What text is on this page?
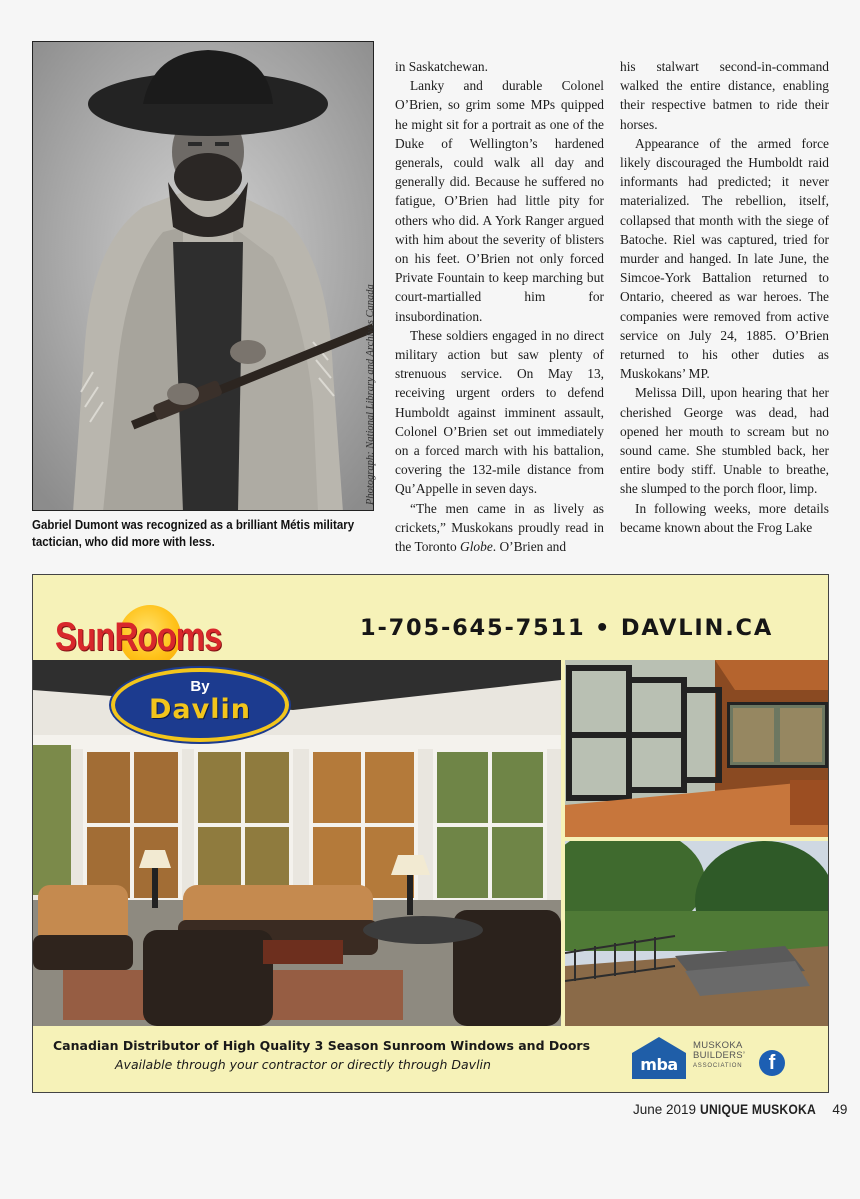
Photograph: National Library and Archives Canada
Gabriel Dumont was recognized as a brilliant Métis military tactician, who did more with less.

in Saskatchewan.

Lanky and durable Colonel O’Brien, so grim some MPs quipped he might sit for a portrait as one of the Duke of Wellington’s hardened generals, could walk all day and generally did. Because he suffered no fatigue, O’Brien had little pity for others who did. A York Ranger argued with him about the severity of blisters on his feet. O’Brien not only forced Private Fountain to keep marching but court-martialled him for insubordination.

These soldiers engaged in no direct military action but saw plenty of strenuous service. On May 13, receiving urgent orders to defend Humboldt against imminent assault, Colonel O’Brien set out immediately on a forced march with his battalion, covering the 132-mile distance from Qu’Appelle in seven days.

“The men came in as lively as crickets,” Muskokans proudly read in the Toronto Globe. O’Brien and

his stalwart second-in-command walked the entire distance, enabling their respective batmen to ride their horses.

Appearance of the armed force likely discouraged the Humboldt raid informants had predicted; it never materialized. The rebellion, itself, collapsed that month with the siege of Batoche. Riel was captured, tried for murder and hanged. In late June, the Simcoe-York Battalion returned to Ontario, cheered as war heroes. The companies were removed from active service on July 24, 1885. O’Brien returned to his other duties as Muskokans’ MP.

Melissa Dill, upon hearing that her cherished George was dead, had opened her mouth to scream but no sound came. She stumbled back, her entire body stiff. Unable to breathe, she slumped to the porch floor, limp.

In following weeks, more details became known about the Frog Lake

SunRooms	1-705-645-7511 • DAVLIN.CA
By
Davlin
Canadian Distributor of High Quality 3 Season Sunroom Windows and Doors
Available through your contractor or directly through Davlin	mba
MUSKOKA
BUILDERS’
ASSOCIATION	f
June 2019 UNIQUE MUSKOKA 49
